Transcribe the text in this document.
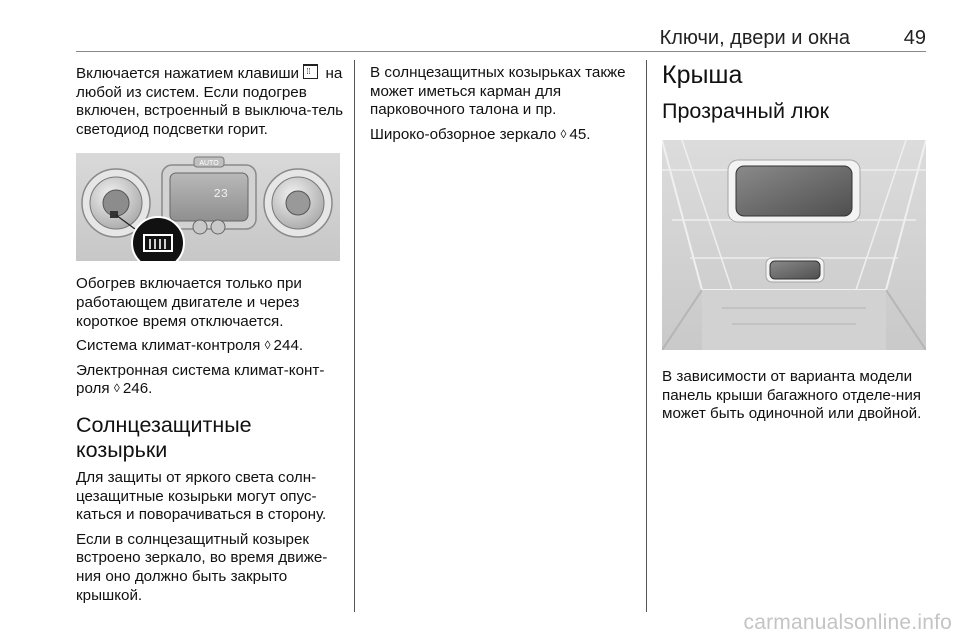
Ключи, двери и окна	49

Включается нажатием клавиши ⁞⁞ на любой из систем. Если подогрев включен, встроенный в выключа-тель светодиод подсветки горит.

AUTO
23

Обогрев включается только при работающем двигателе и через короткое время отключается.

Система климат-контроля ◊ 244.

Электронная система климат-конт-роля ◊ 246.

Солнцезащитные козырьки

Для защиты от яркого света солн-цезащитные козырьки могут опус-каться и поворачиваться в сторону.

Если в солнцезащитный козырек встроено зеркало, во время движе-ния оно должно быть закрыто крышкой.

В солнцезащитных козырьках также может иметься карман для парковочного талона и пр.

Широко-обзорное зеркало ◊ 45.

Крыша
Прозрачный люк

В зависимости от варианта модели панель крыши багажного отделе-ния может быть одиночной или двойной.

carmanualsonline.info
